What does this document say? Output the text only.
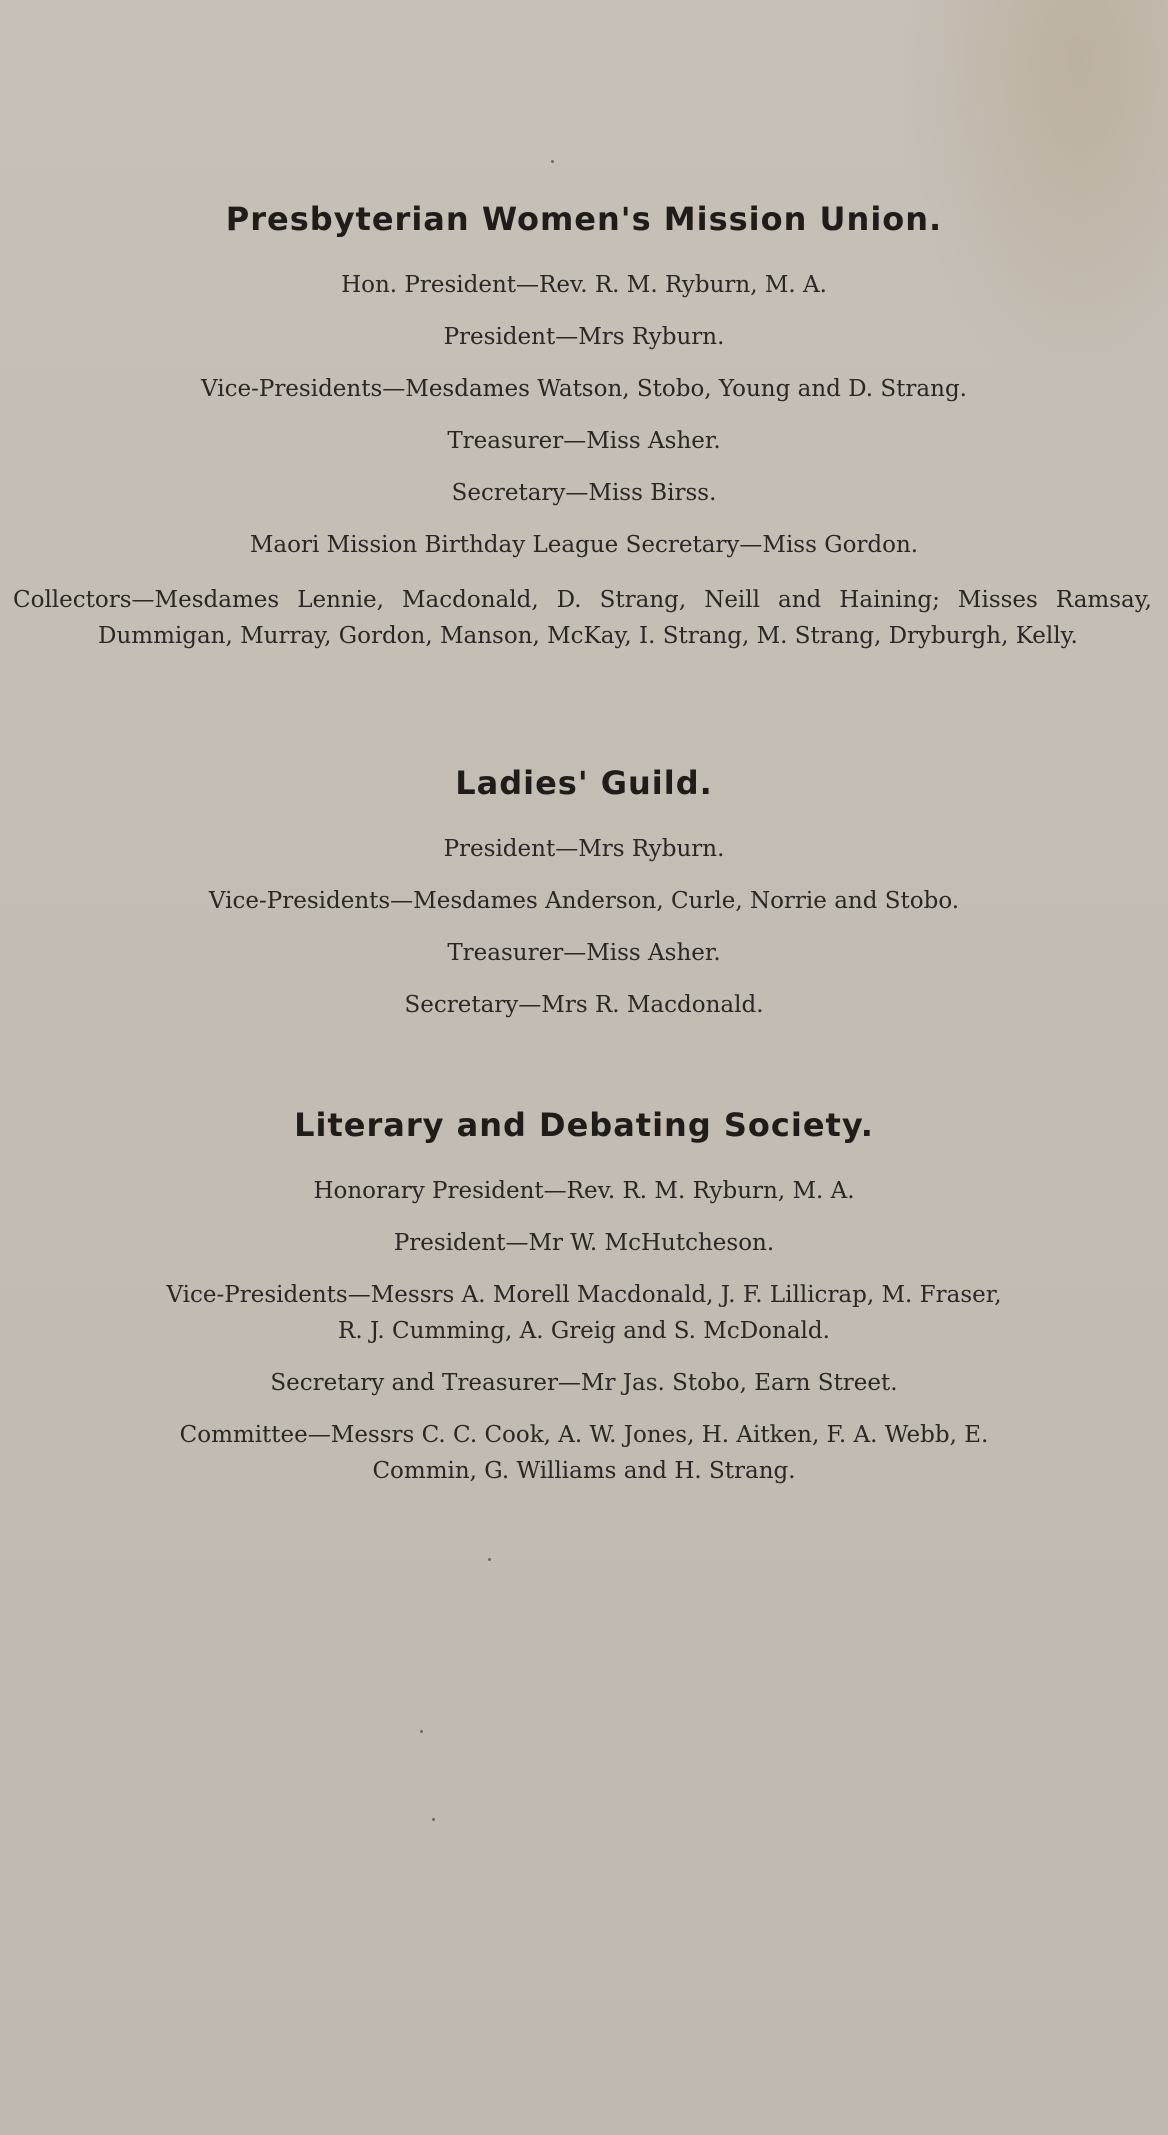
Presbyterian Women's Mission Union.

Hon. President—Rev. R. M. Ryburn, M. A.

President—Mrs Ryburn.

Vice-Presidents—Mesdames Watson, Stobo, Young and D. Strang.

Treasurer—Miss Asher.

Secretary—Miss Birss.

Maori Mission Birthday League Secretary—Miss Gordon.

Collectors—Mesdames Lennie, Macdonald, D. Strang, Neill and Haining; Misses Ramsay, Dummigan, Murray, Gordon, Manson, McKay, I. Strang, M. Strang, Dryburgh, Kelly.

Ladies' Guild.

President—Mrs Ryburn.

Vice-Presidents—Mesdames Anderson, Curle, Norrie and Stobo.

Treasurer—Miss Asher.

Secretary—Mrs R. Macdonald.

Literary and Debating Society.

Honorary President—Rev. R. M. Ryburn, M. A.

President—Mr W. McHutcheson.

Vice-Presidents—Messrs A. Morell Macdonald, J. F. Lillicrap, M. Fraser,

R. J. Cumming, A. Greig and S. McDonald.

Secretary and Treasurer—Mr Jas. Stobo, Earn Street.

Committee—Messrs C. C. Cook, A. W. Jones, H. Aitken, F. A. Webb, E.

Commin, G. Williams and H. Strang.
